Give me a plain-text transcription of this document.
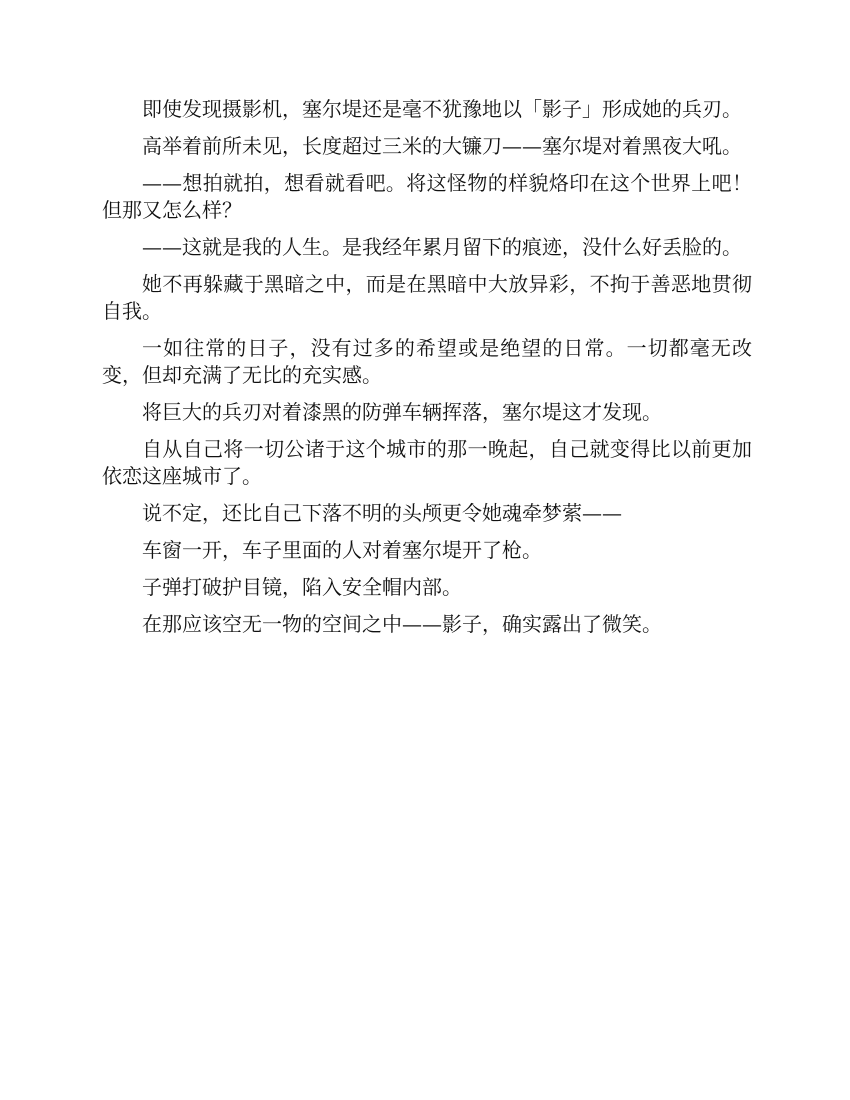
即使发现摄影机，塞尔堤还是毫不犹豫地以「影子」形成她的兵刃。

高举着前所未见，长度超过三米的大镰刀——塞尔堤对着黑夜大吼。

——想拍就拍，想看就看吧。将这怪物的样貌烙印在这个世界上吧！但那又怎么样？

——这就是我的人生。是我经年累月留下的痕迹，没什么好丢脸的。

她不再躲藏于黑暗之中，而是在黑暗中大放异彩，不拘于善恶地贯彻自我。

一如往常的日子，没有过多的希望或是绝望的日常。一切都毫无改变，但却充满了无比的充实感。

将巨大的兵刃对着漆黑的防弹车辆挥落，塞尔堤这才发现。

自从自己将一切公诸于这个城市的那一晚起，自己就变得比以前更加依恋这座城市了。

说不定，还比自己下落不明的头颅更令她魂牵梦萦——

车窗一开，车子里面的人对着塞尔堤开了枪。

子弹打破护目镜，陷入安全帽内部。

在那应该空无一物的空间之中——影子，确实露出了微笑。
